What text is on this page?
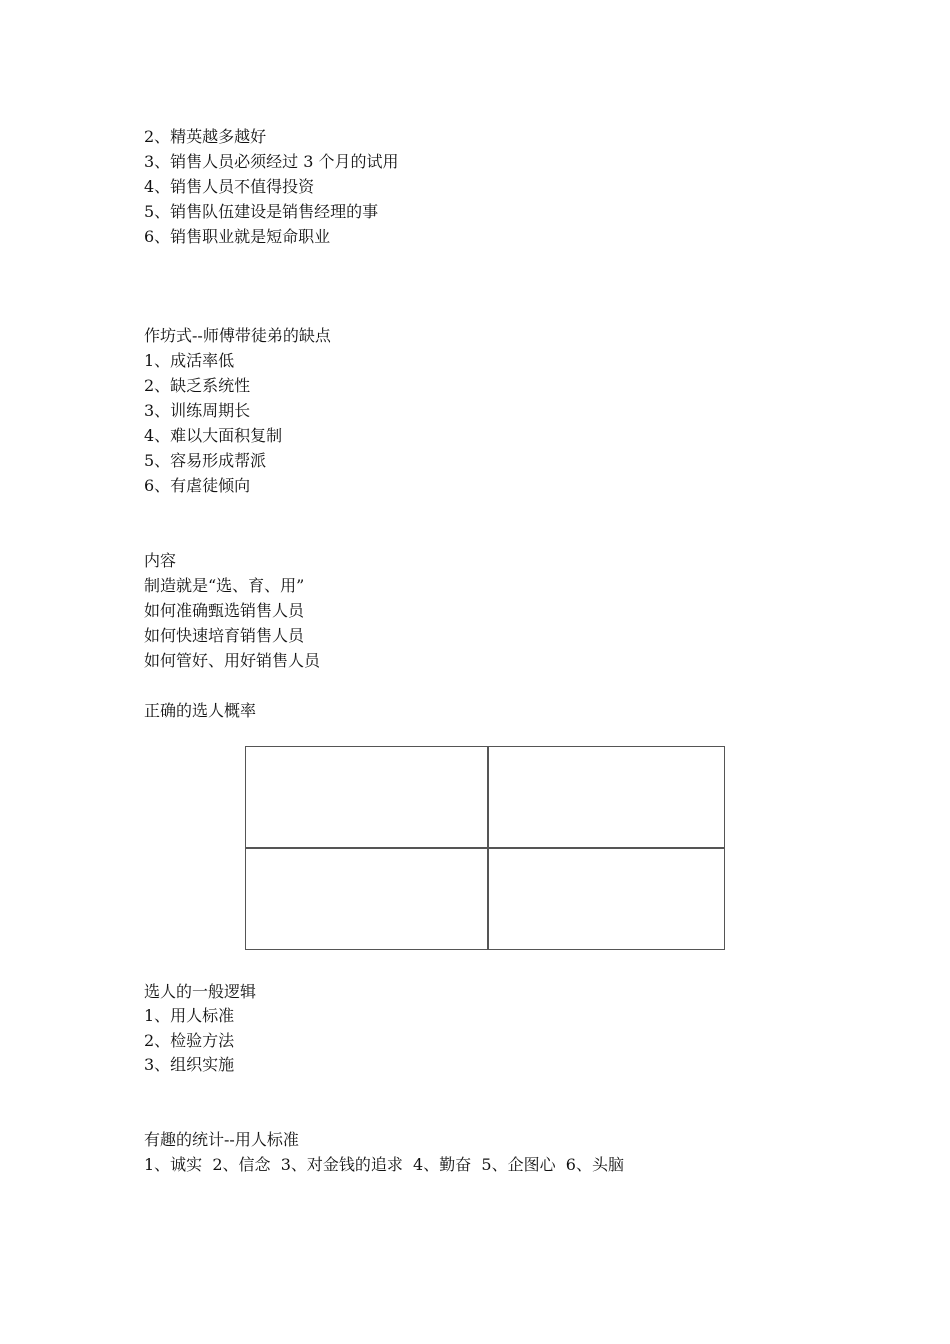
2、精英越多越好
3、销售人员必须经过 3 个月的试用
4、销售人员不值得投资
5、销售队伍建设是销售经理的事
6、销售职业就是短命职业
作坊式--师傅带徒弟的缺点
1、成活率低
2、缺乏系统性
3、训练周期长
4、难以大面积复制
5、容易形成帮派
6、有虐徒倾向
内容
制造就是“选、育、用”
如何准确甄选销售人员
如何快速培育销售人员
如何管好、用好销售人员
正确的选人概率
选人的一般逻辑
1、用人标准
2、检验方法
3、组织实施
有趣的统计--用人标准
1、诚实  2、信念  3、对金钱的追求  4、勤奋  5、企图心  6、头脑
